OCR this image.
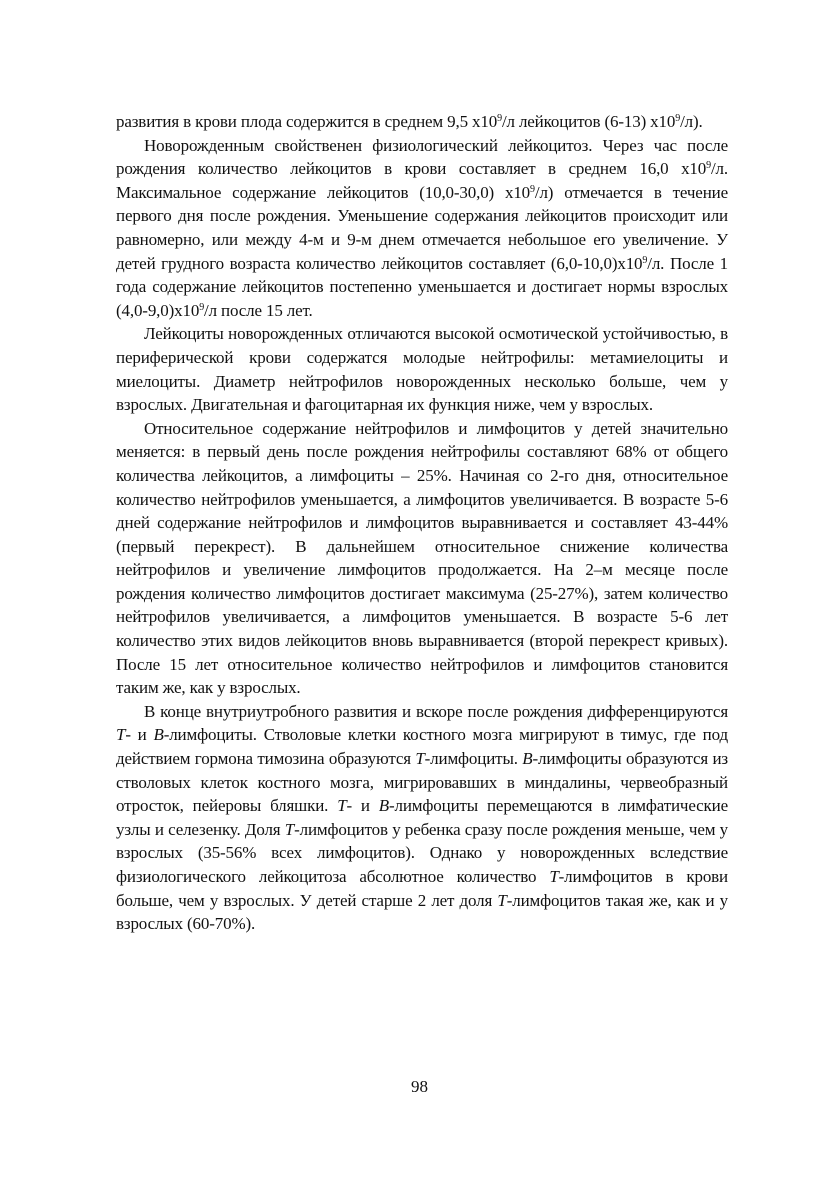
развития в крови плода содержится в среднем 9,5 $x10^9/л$ лейкоцитов (6-13) $x10^9/л$).

Новорожденным свойственен физиологический лейкоцитоз. Через час после рождения количество лейкоцитов в крови составляет в среднем 16,0 $x10^9/л$. Максимальное содержание лейкоцитов (10,0-30,0) $x10^9/л$) отмечается в течение первого дня после рождения. Уменьшение содержания лейкоцитов происходит или равномерно, или между 4-м и 9-м днем отмечается небольшое его увеличение. У детей грудного возраста количество лейкоцитов составляет $(6,0-10,0)x10^9/л$. После 1 года содержание лейкоцитов постепенно уменьшается и достигает нормы взрослых $(4,0-9,0)x10^9/л$ после 15 лет.

Лейкоциты новорожденных отличаются высокой осмотической устойчивостью, в периферической крови содержатся молодые нейтрофилы: метамиелоциты и миелоциты. Диаметр нейтрофилов новорожденных несколько больше, чем у взрослых. Двигательная и фагоцитарная их функция ниже, чем у взрослых.

Относительное содержание нейтрофилов и лимфоцитов у детей значительно меняется: в первый день после рождения нейтрофилы составляют 68% от общего количества лейкоцитов, а лимфоциты – 25%. Начиная со 2-го дня, относительное количество нейтрофилов уменьшается, а лимфоцитов увеличивается. В возрасте 5-6 дней содержание нейтрофилов и лимфоцитов выравнивается и составляет 43-44% (первый перекрест). В дальнейшем относительное снижение количества нейтрофилов и увеличение лимфоцитов продолжается. На 2–м месяце после рождения количество лимфоцитов достигает максимума (25-27%), затем количество нейтрофилов увеличивается, а лимфоцитов уменьшается. В возрасте 5-6 лет количество этих видов лейкоцитов вновь выравнивается (второй перекрест кривых). После 15 лет относительное количество нейтрофилов и лимфоцитов становится таким же, как у взрослых.

В конце внутриутробного развития и вскоре после рождения дифференцируются T- и B-лимфоциты. Стволовые клетки костного мозга мигрируют в тимус, где под действием гормона тимозина образуются T-лимфоциты. B-лимфоциты образуются из стволовых клеток костного мозга, мигрировавших в миндалины, червеобразный отросток, пейеровы бляшки. T- и B-лимфоциты перемещаются в лимфатические узлы и селезенку. Доля T-лимфоцитов у ребенка сразу после рождения меньше, чем у взрослых (35-56% всех лимфоцитов). Однако у новорожденных вследствие физиологического лейкоцитоза абсолютное количество T-лимфоцитов в крови больше, чем у взрослых. У детей старше 2 лет доля T-лимфоцитов такая же, как и у взрослых (60-70%).

98
